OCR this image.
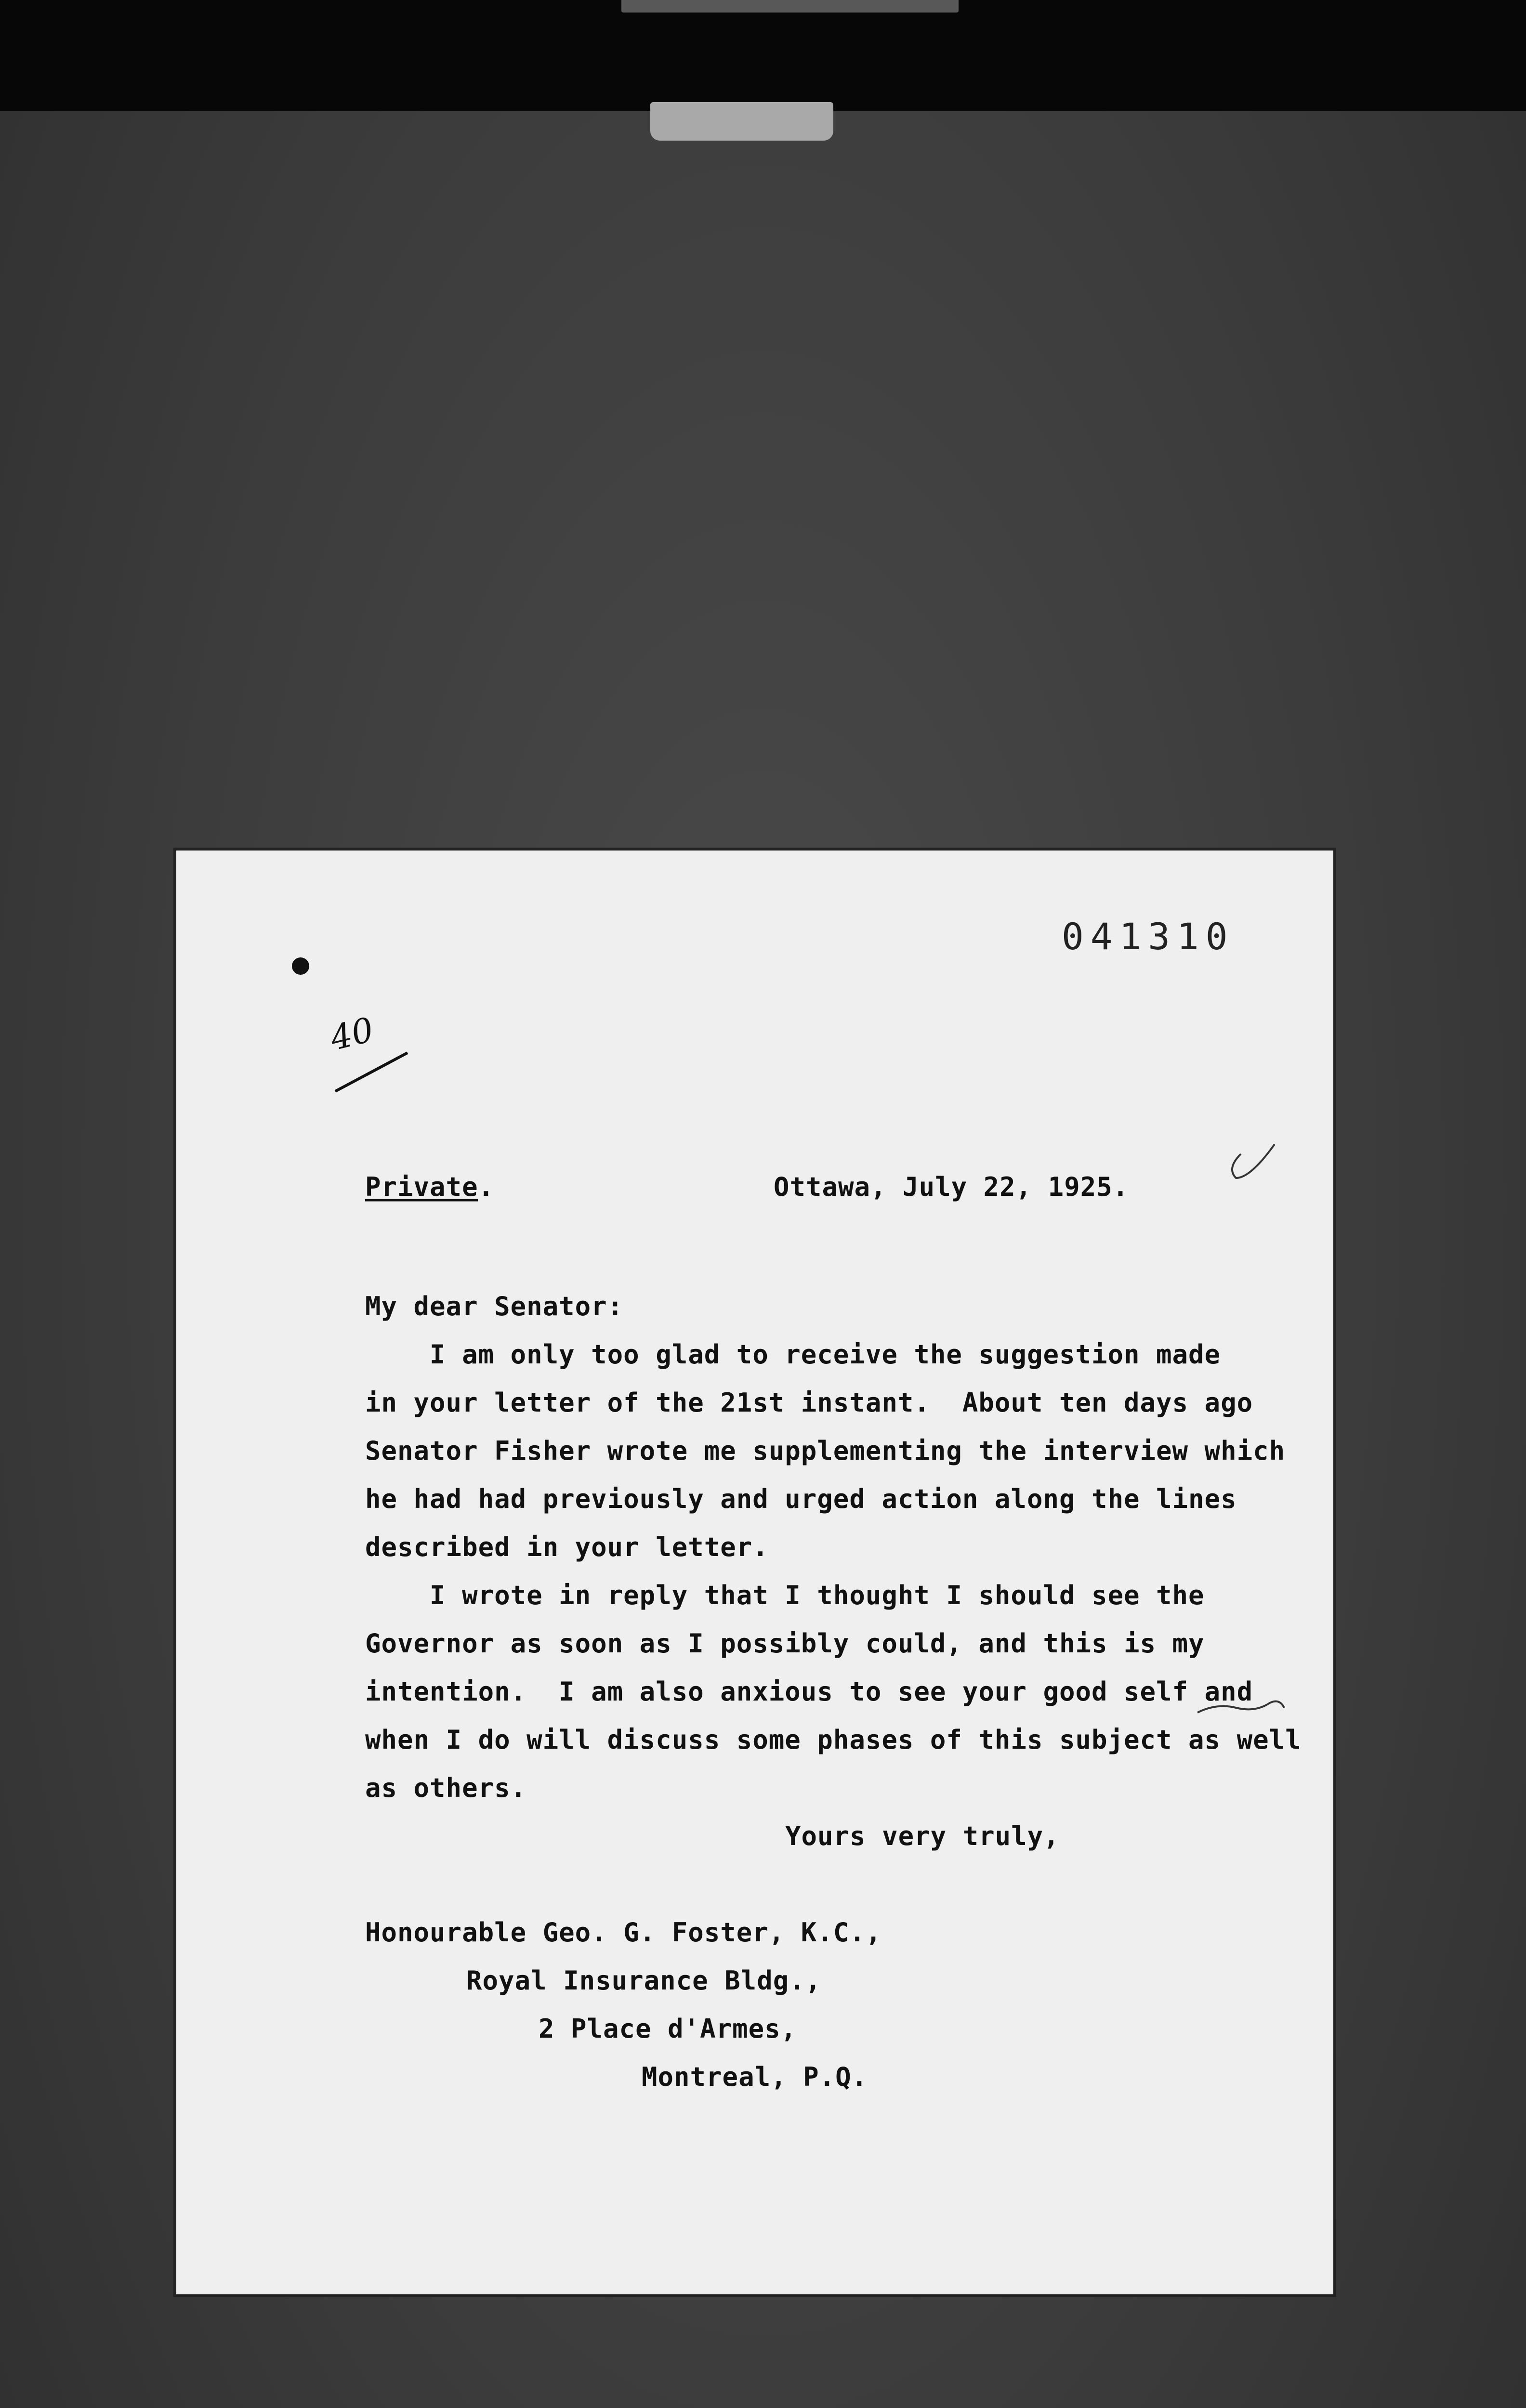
041310
40
Private.	Ottawa, July 22, 1925.
My dear Senator:
I am only too glad to receive the suggestion made
in your letter of the 21st instant.  About ten days ago
Senator Fisher wrote me supplementing the interview which
he had had previously and urged action along the lines
described in your letter.
I wrote in reply that I thought I should see the
Governor as soon as I possibly could, and this is my
intention.  I am also anxious to see your good self and
when I do will discuss some phases of this subject as well
as others.
Yours very truly,
Honourable Geo. G. Foster, K.C.,
Royal Insurance Bldg.,
2 Place d'Armes,
Montreal, P.Q.
